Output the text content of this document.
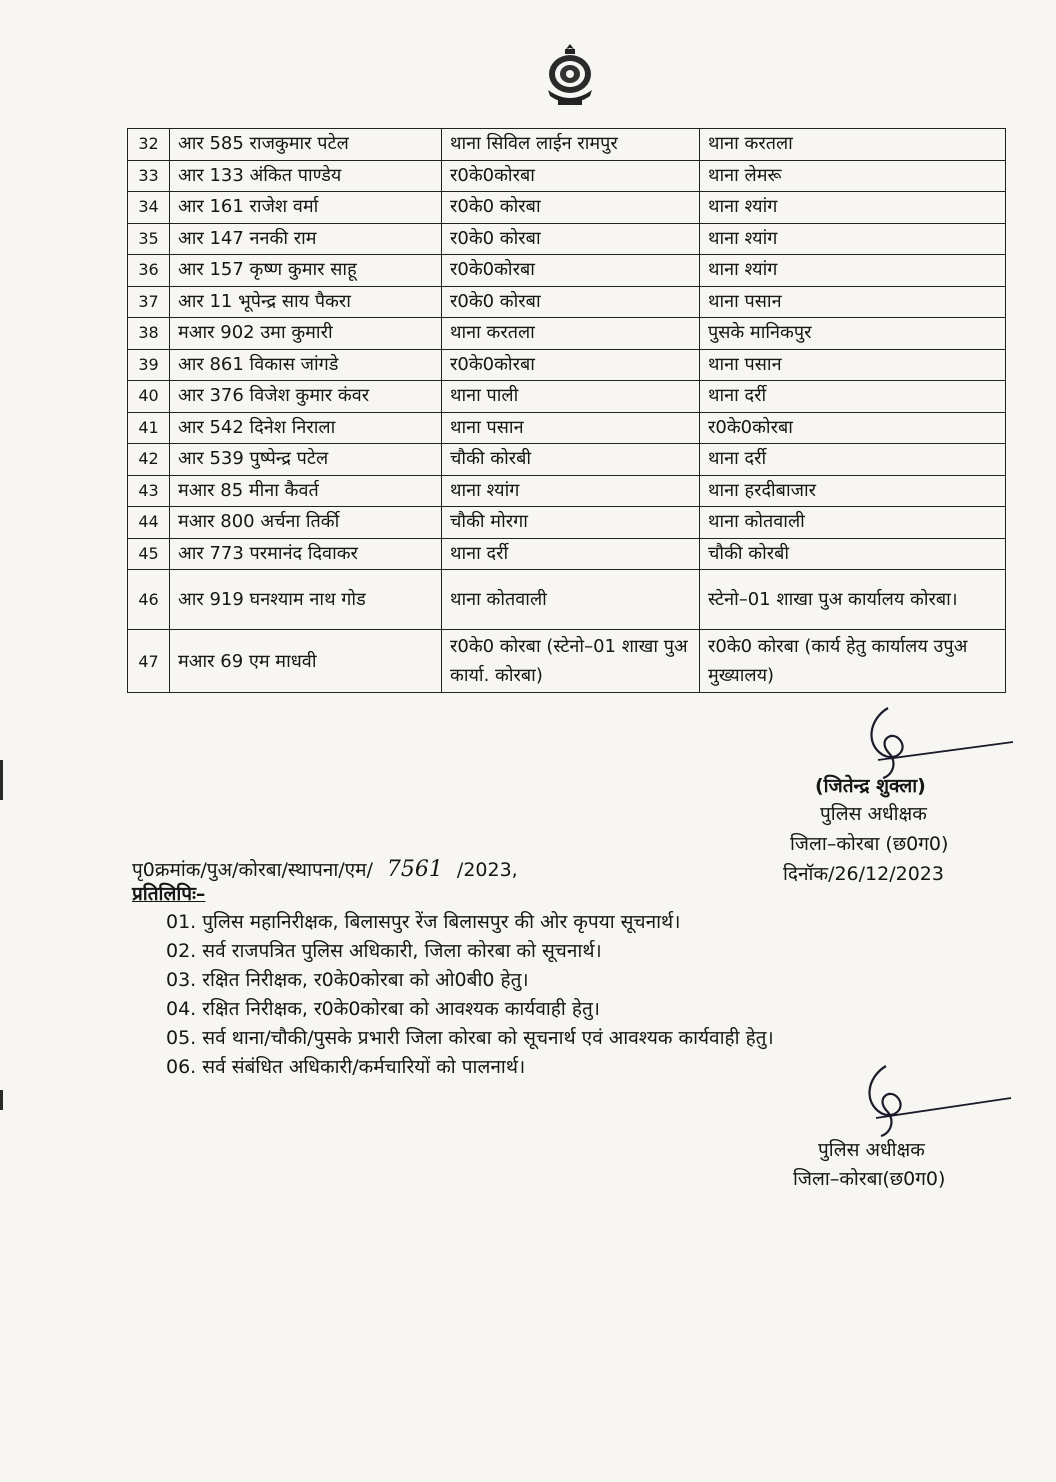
32	आर 585 राजकुमार पटेल	थाना सिविल लाईन रामपुर	थाना करतला
33	आर 133 अंकित पाण्डेय	र0के0कोरबा	थाना लेमरू
34	आर 161 राजेश वर्मा	र0के0 कोरबा	थाना श्यांग
35	आर 147 ननकी राम	र0के0 कोरबा	थाना श्यांग
36	आर 157 कृष्ण कुमार साहू	र0के0कोरबा	थाना श्यांग
37	आर 11 भूपेन्द्र साय पैकरा	र0के0 कोरबा	थाना पसान
38	मआर 902 उमा कुमारी	थाना करतला	पुसके मानिकपुर
39	आर 861 विकास जांगडे	र0के0कोरबा	थाना पसान
40	आर 376 विजेश कुमार कंवर	थाना पाली	थाना दर्री
41	आर 542 दिनेश निराला	थाना पसान	र0के0कोरबा
42	आर 539 पुष्पेन्द्र पटेल	चौकी कोरबी	थाना दर्री
43	मआर 85 मीना कैवर्त	थाना श्यांग	थाना हरदीबाजार
44	मआर 800 अर्चना तिर्की	चौकी मोरगा	थाना कोतवाली
45	आर 773 परमानंद दिवाकर	थाना दर्री	चौकी कोरबी
46	आर 919 घनश्याम नाथ गोड	थाना कोतवाली	स्टेनो–01 शाखा पुअ कार्यालय कोरबा।
47	मआर 69 एम माधवी	र0के0 कोरबा (स्टेनो–01 शाखा पुअ कार्या. कोरबा)	र0के0 कोरबा (कार्य हेतु कार्यालय उपुअ मुख्यालय)
(जितेन्द्र शुक्ला)
पुलिस अधीक्षक
जिला–कोरबा (छ0ग0)
पृ0क्रमांक/पुअ/कोरबा/स्थापना/एम/ 7561 /2023,	दिनॉक/26/12/2023
प्रतिलिपिः–
01. पुलिस महानिरीक्षक, बिलासपुर रेंज बिलासपुर की ओर कृपया सूचनार्थ।
02. सर्व राजपत्रित पुलिस अधिकारी, जिला कोरबा को सूचनार्थ।
03. रक्षित निरीक्षक, र0के0कोरबा को ओ0बी0 हेतु।
04. रक्षित निरीक्षक, र0के0कोरबा को आवश्यक कार्यवाही हेतु।
05. सर्व थाना/चौकी/पुसके प्रभारी जिला कोरबा को सूचनार्थ एवं आवश्यक कार्यवाही हेतु।
06. सर्व संबंधित अधिकारी/कर्मचारियों को पालनार्थ।
पुलिस अधीक्षक
जिला–कोरबा(छ0ग0)
